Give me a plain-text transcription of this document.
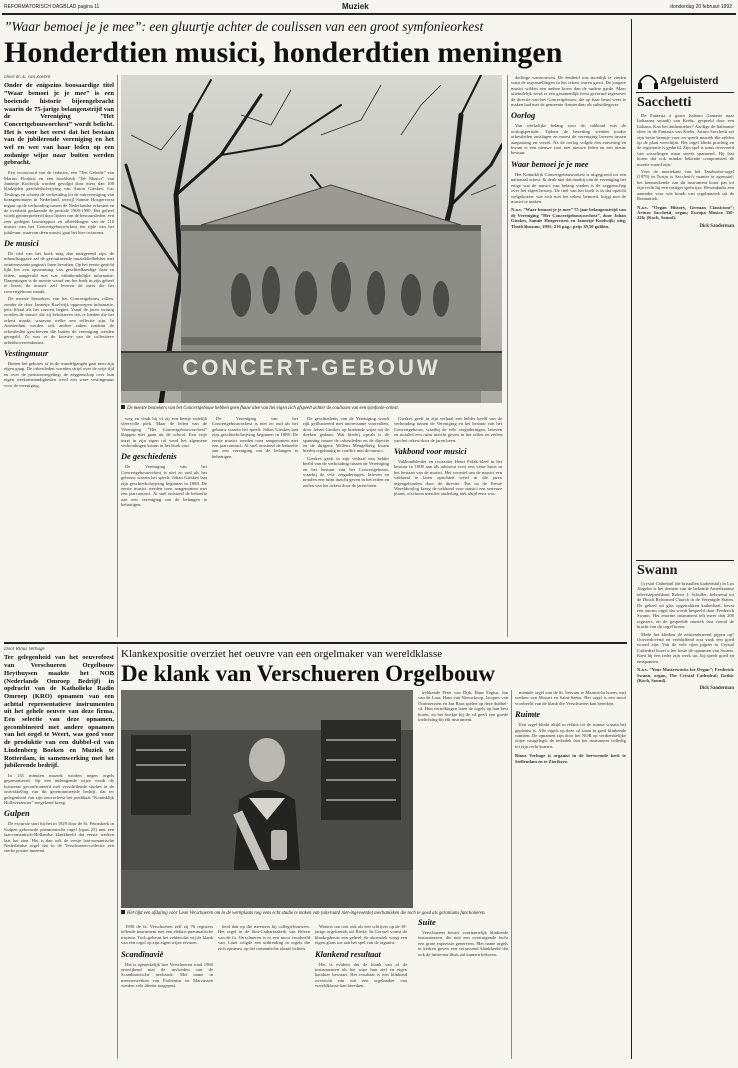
REFORMATORISCH DAGBLAD pagina 11	Muziek	donderdag 20 februari 1992
”Waar bemoei je je mee”: een gluurtje achter de coulissen van een groot symfonieorkest
Honderdtien musici, honderdtien meningen
Door dr. E. van Zoeren
Onder de enigszins boosaardige titel ”Waar bemoei je je mee” is een boeiende historie bijeengebracht waarin de 75-jarige belangenstrijd van de Vereniging ”Het Concertgebouworchest” wordt belicht. Het is voor het eerst dat het bestaan van de jubilerende vereniging en het wel en wee van haar leden op een zodanige wijze naar buiten werden gebracht.

Een voorwoord van de redactie, een ”Ten Geleide” van Marius Flothuis en een hoofdstuk ”De Musici” van Jannetje Koolwijk worden gevolgd door meer dan 100 bladzijden geschiedschrijving van Anton Gieskes. Cas Teulings en schetst de verbouding tot de vakvereniging van bonsgenonaten in Nederland, terwijl Sannie Hoogervorst ingaat op de verhouding tussen de Nederlandse orkesten en de overheid gedurende de periode 1900-1990. Het geheel wordt geïnterpreteerd door lijsten van de bestuursleden, een zeer gedegen brontrapport en afbeeldingen van de 110 musici van het Concertgebouworkest ten tijde van het jubileum, waarvan deen musici gaat het hier trouwens.

De musici

De tied van het boek mag dan intrigerend zijn, de inhoudsopgave zal de geroutineerde muziekliefhebber met oninteressante pagina's laten bevatten. Op het eerste gezicht lijkt het een opsomming van geschiedkundige data en feiten, aangevuld met wat vakinhoudelijke informatie. Daarentegen is de moeite waard om het boek in zijn geheel te lezen; de musici zelf leveren de inzet die het concertgebouw maakt.

De meeste bezoekers van het Concertgebouw rollen, zonder de door Jannetje Koolwijk opgeroepen informatie, pers filiaal als het concert begint. Vanaf de jaren twintig worden de musici die zij beluisteren iets te bieden die het orkest maakt; waarvan welke een reflectie zijn. In Amsterdam werden ook andere zaken rondom de orkestleden geschreven die buiten de vereniging werden geregeld. Zo was er de kwestie van de collectieve arbeidsovereenkomst.

Vestingmuur

Buiten het gebouw of in de wandelgangen gaat men zijn eigen gang. De orkestleden voerden strijd over de vrije tijd en over de pensioenregeling; de zeggenschap over hun eigen werkomstandigheden werd een ware vestingmuur voor de vereniging.

CONCERT-GEBOUW
De meeste bezoekers van het Concertgebouw hebben geen flauw idee van het eigen zich afspeelt achter de coulissen van een symfonie-orkest.

weg en vindt hij of zij een beetje redelijk sfeervolle plek. Maar de leden van de Vereniging ”Het Concertgebouworchest” klappen niet gaan uit de school. Een vrije inzet in zijn eigen rol werd het algemene verhoudingen kwam in het boek vast.

De geschiedenis

De Vereniging van het Concertgebouworkest is niet zo oud als het gebouw waarin het speelt. Johan Gieskes laat zijn geschiedschrijving beginnen in 1888. De eerste musici werden toen aangenomen met een jaarcontract. Al snel ontstond de behoefte aan een vereniging om de belangen te behartigen.

De Vereniging van het Concertgebouworkest is niet zo oud als het gebouw waarin het speelt. Johan Gieskes laat zijn geschiedschrijving beginnen in 1888. De eerste musici werden toen aangenomen met een jaarcontract. Al snel ontstond de behoefte aan een vereniging om de belangen te behartigen.

De geschiedenis van de Vereniging wordt rijk geïllustreerd met interessante voorvallen, door Johan Gieskes op boeiende wijze uit de doeken gedaan. Wat hierbij opvalt is de spanning tussen de orkestleden en de directie en de dirigent. Willem Mengelberg kwam hierbij regelmatig in conflict met de musici.

Gieskes geeft in zijn verhaal een helder beeld van de verhouding tussen de Vereniging en het bestuur van het Concertgebouw, waarbij de vele vergaderingen, brieven en notulen een ruim inzicht geven in het reilen en zeilen van het orkest door de jaren heen.

Gieskes geeft in zijn verhaal een helder beeld van de verhouding tussen de Vereniging en het bestuur van het Concertgebouw, waarbij de vele vergaderingen, brieven en notulen een ruim inzicht geven in het reilen en zeilen van het orkest door de jaren heen.

Vakbond voor musici

Vakbondsleider en voorzitter Henri Polak bleef in het bestuur in 1908 aan als adviseur voor een vaste basis in het bestaan van de musici. Het voorstel om de musici een vakbond te laten oprichten werd in die jaren tegengehouden door de directie. Pas na de Eerste Wereldoorlog kreeg de vakbond voor musici een serieuze plaats, ofschoon men het onderling niet altijd eens was.

derlinge wantrouwen. De eenheid was moeilijk te vinden want de tegenstellingen in het orkest waren groot. De jongere musici wilden een andere koers dan de oudere garde. Maar uiteindelijk werd er een gezamenlijk front gevormd tegenover de directie van het Concertgebouw, die op haar beurt weer te maken had met de gemeente Amsterdam als subsidiegever.

Oorlog

Van werkelijke belang voor de vakbond was de oorlogsperiode. Tijdens de bezetting werden joodse orkestleden ontslagen en moest de vereniging laveren tussen aanpassing en verzet. Na de oorlog volgde een zuivering en kwam er een nieuwe start met nieuwe leden en een nieuw bestuur.

Waar bemoei je je mee

Het Koninklijk Concertgebouworkest is uitgegroeid tot een nationaal orkest. Ik denk niet dat daarbij van de vereniging het enige wat de musici van belang vinden is de zeggenschap over het eigen beroep. De titel van het boek is in dat opzicht welgekozen: wie zich met het orkest bemoeit, krijgt met de musici te maken.

N.a.v. ”Waar bemoei je je mee” 75 jaar belangenstrijd van de Vereniging ”Het Concertgebouworchest”, door Johan Gieskes, Sannie Hoogervorst en Jannetje Koolwijk; uitg. Thoth Bussum, 1991; 216 pag.; prijs 39,50 gulden.
Afgeluisterd
Sacchetti

De Fantasia à gusto Italiano (fantasie naar Italiaanse smaak) van Krebs, gespeeld door een Italiaan. Kan het authentieker? Aardige de Italiaanse sfeer in de Fantasia van Krebs. Arturo Sacchetti zet zijn beste beentje voor en speelt muziek die zelden op de plaat verschijnt. Het orgel klinkt prachtig en de registratie is gedurfd. Zijn spel is soms overvoerd van wisselingen maar steeds spannend. Hij laat horen dat ook minder bekende componisten de moeite waard zijn.

Voor de muziekant van het Tamburini-orgel (1979) in Turijn is Sacchetti's manier te agressief; het kenmerkende van dit instrument komt pas tot zijn recht bij een rustiger spelwijze. Desondanks een aanrader voor wie houdt van orgelmuziek uit de Romantiek.

N.a.v. ”Organ History, German Classicism”; Arturo Sacchetti, organ; Europa Musica 350-226; (Koch, Sound).
Dick Sanderman
Swann

Crystal Cathedral (de kristallen kathedraal) in Los Angeles is het domein van de bekende Amerikaanse televisiepredikant Robert J. Schuller, behorend tot de Dutch Reformed Church in de Verenigde Staten. De geheel uit glas opgetrokken kathedraal, bevat een enorm orgel dat wordt bespeeld door Frederick Swann. Het enorme instrument telt meer dan 200 registers, en de gespeelde muziek laat vooral de kracht van dit orgel horen.

Mede het klinken de zestienduizend pijpen op? Oorverdovend en verbluffend zou vaak een goed woord zijn. Van de vele rijen pijpen in Crystal Cathedral hoort u het beste de opnamen van Swann. Kent hij een ieder zijn werk uit, hij speelt goed en ontspannen.

N.a.v. ”Your Masterworks for Organ”; Frederick Swann, organ, The Crystal Cathedral; Gothic (Koch, Sound).
Dick Sanderman
Door Rinus Verhage
Ter gelegenheid van het oeuvrefeest van Verschueren Orgelbouw Heythuysen maakte het NOB (Nederlands Omroep Bedrijf) in opdracht van de Katholieke Radio Omroep (KRO) opnamen van een achttal representatieve instrumenten uit het gehele oeuvre van deze firma. Een selectie van deze opnamen, gecombineerd met andere opnamen van het orgel te Weert, was goed voor de produktie van een dubbel-cd van Lindenberg Boeken en Muziek te Rotterdam, in samenwerking met het jubilerende bedrijf.

In 135 minuten muziek worden negen orgels gepresenteerd. Op een indringende wijze wordt de luisteraar geconfronteerd met verschillende studies in de ontwikkeling van dit gerenommeerde bedrijf, dat ter gelegenheid van zijn oeuvrefeest het predikaat ”Koninklijk Hofleverancier” toegekend kreeg.

Gulpen

De excursie start bij het in 1929 door de St. Petruskerk in Gulpen gebouwde pneumatische orgel (opus 25) met een laat-romantisch-Hollandse klankbeeld dat eerste werken laat het zien. Het is dan ook de eerste laat-romantische Nederlandse orgel dat in de Verschueren-collectie een sterke positie inneemt.

Klankexpositie overziet het oeuvre van een orgelmaker van wereldklasse
De klank van Verschueren Orgelbouw
Het lijkt een afdaling voor Leon Verschueren om in de werkplaats nog eens echt studie te maken van (uiteraard niet-ingevoerde) mechanieken die toch te goed als geraniums functioneren.

trekkende Peter van Dijk, Hans Fagius, Jan van de Laar, Hans van Nieuwkoop, Jacques van Oortmerssen en Jan Raas spelen op deze dubbel-cd. Hun vertolkingen laten de orgels op hun best horen, en het boekje bij de cd geeft een goede toelichting bij elk instrument.

1990 de fa. Verschueren zelf zij 76 registers tellende instrument met een elektro-pneumatische tractuur. Toch gebeurt het zelden dat wij de klank van een orgel op zijn eigen wijze ervaren.

Scandinavië

Het is opmerkelijk hoe Verschueren rond 1960 ontwijkend met de invloeden van de Scandinavische neobarok. Met name in meesterwerken van Frobenius en Marcussen werden vele ideeën toegepast.

heid dan op die meesters bij collega-bouwers. Het orgel in de Sint-Catharinakerk van Bilzen van de fa. Verschueren is er een mooi voorbeeld van. Later volgde een uitbreiding in orgels die zich opnieuw op het romantische ideaal richten.

Woners om ooit ook als een schrijver op de 18-jarige orgeltrends uit Breda. In Gorssel vormt de klankopbouw een geheel; de akoestiek voegt een eigen glans toe aan het spel van de organist.

Klankend resultaat

Het is evident dat de klank van al de instrumenten als het ware hun ziel en eigen karakter bewaart. Het resultaat is een klinkend overzicht van wat een orgelmaker van wereldklasse kan bereiken.

Suite

Verschueren bouwt voornamelijk klinkende instrumenten, die met een overtuigende lucht een grote expressie genereren. Met name orgels in kerken geven een verrassend klankbeeld dat ook de luisteraar thuis zal kunnen bekoren.

mentale orgel van de St. Servaas te Maastricht horen, met werken van Mozart en Saint-Saëns. Het orgel is een mooi voorbeeld van de klank die Verschueren kan bereiken.

Ruimte

Een orgel klinkt altijd in relatie tot de ruimte waarin het geplaatst is. Alle orgels op deze cd staan in goed klinkende ruimten. De opnamen zijn door het NOB op verdienstelijke wijze vastgelegd; de techniek laat het instrument volledig tot zijn recht komen.

Rinus Verhage is organist in de hervormde kerk te Stellendam en te Zierikzee.
